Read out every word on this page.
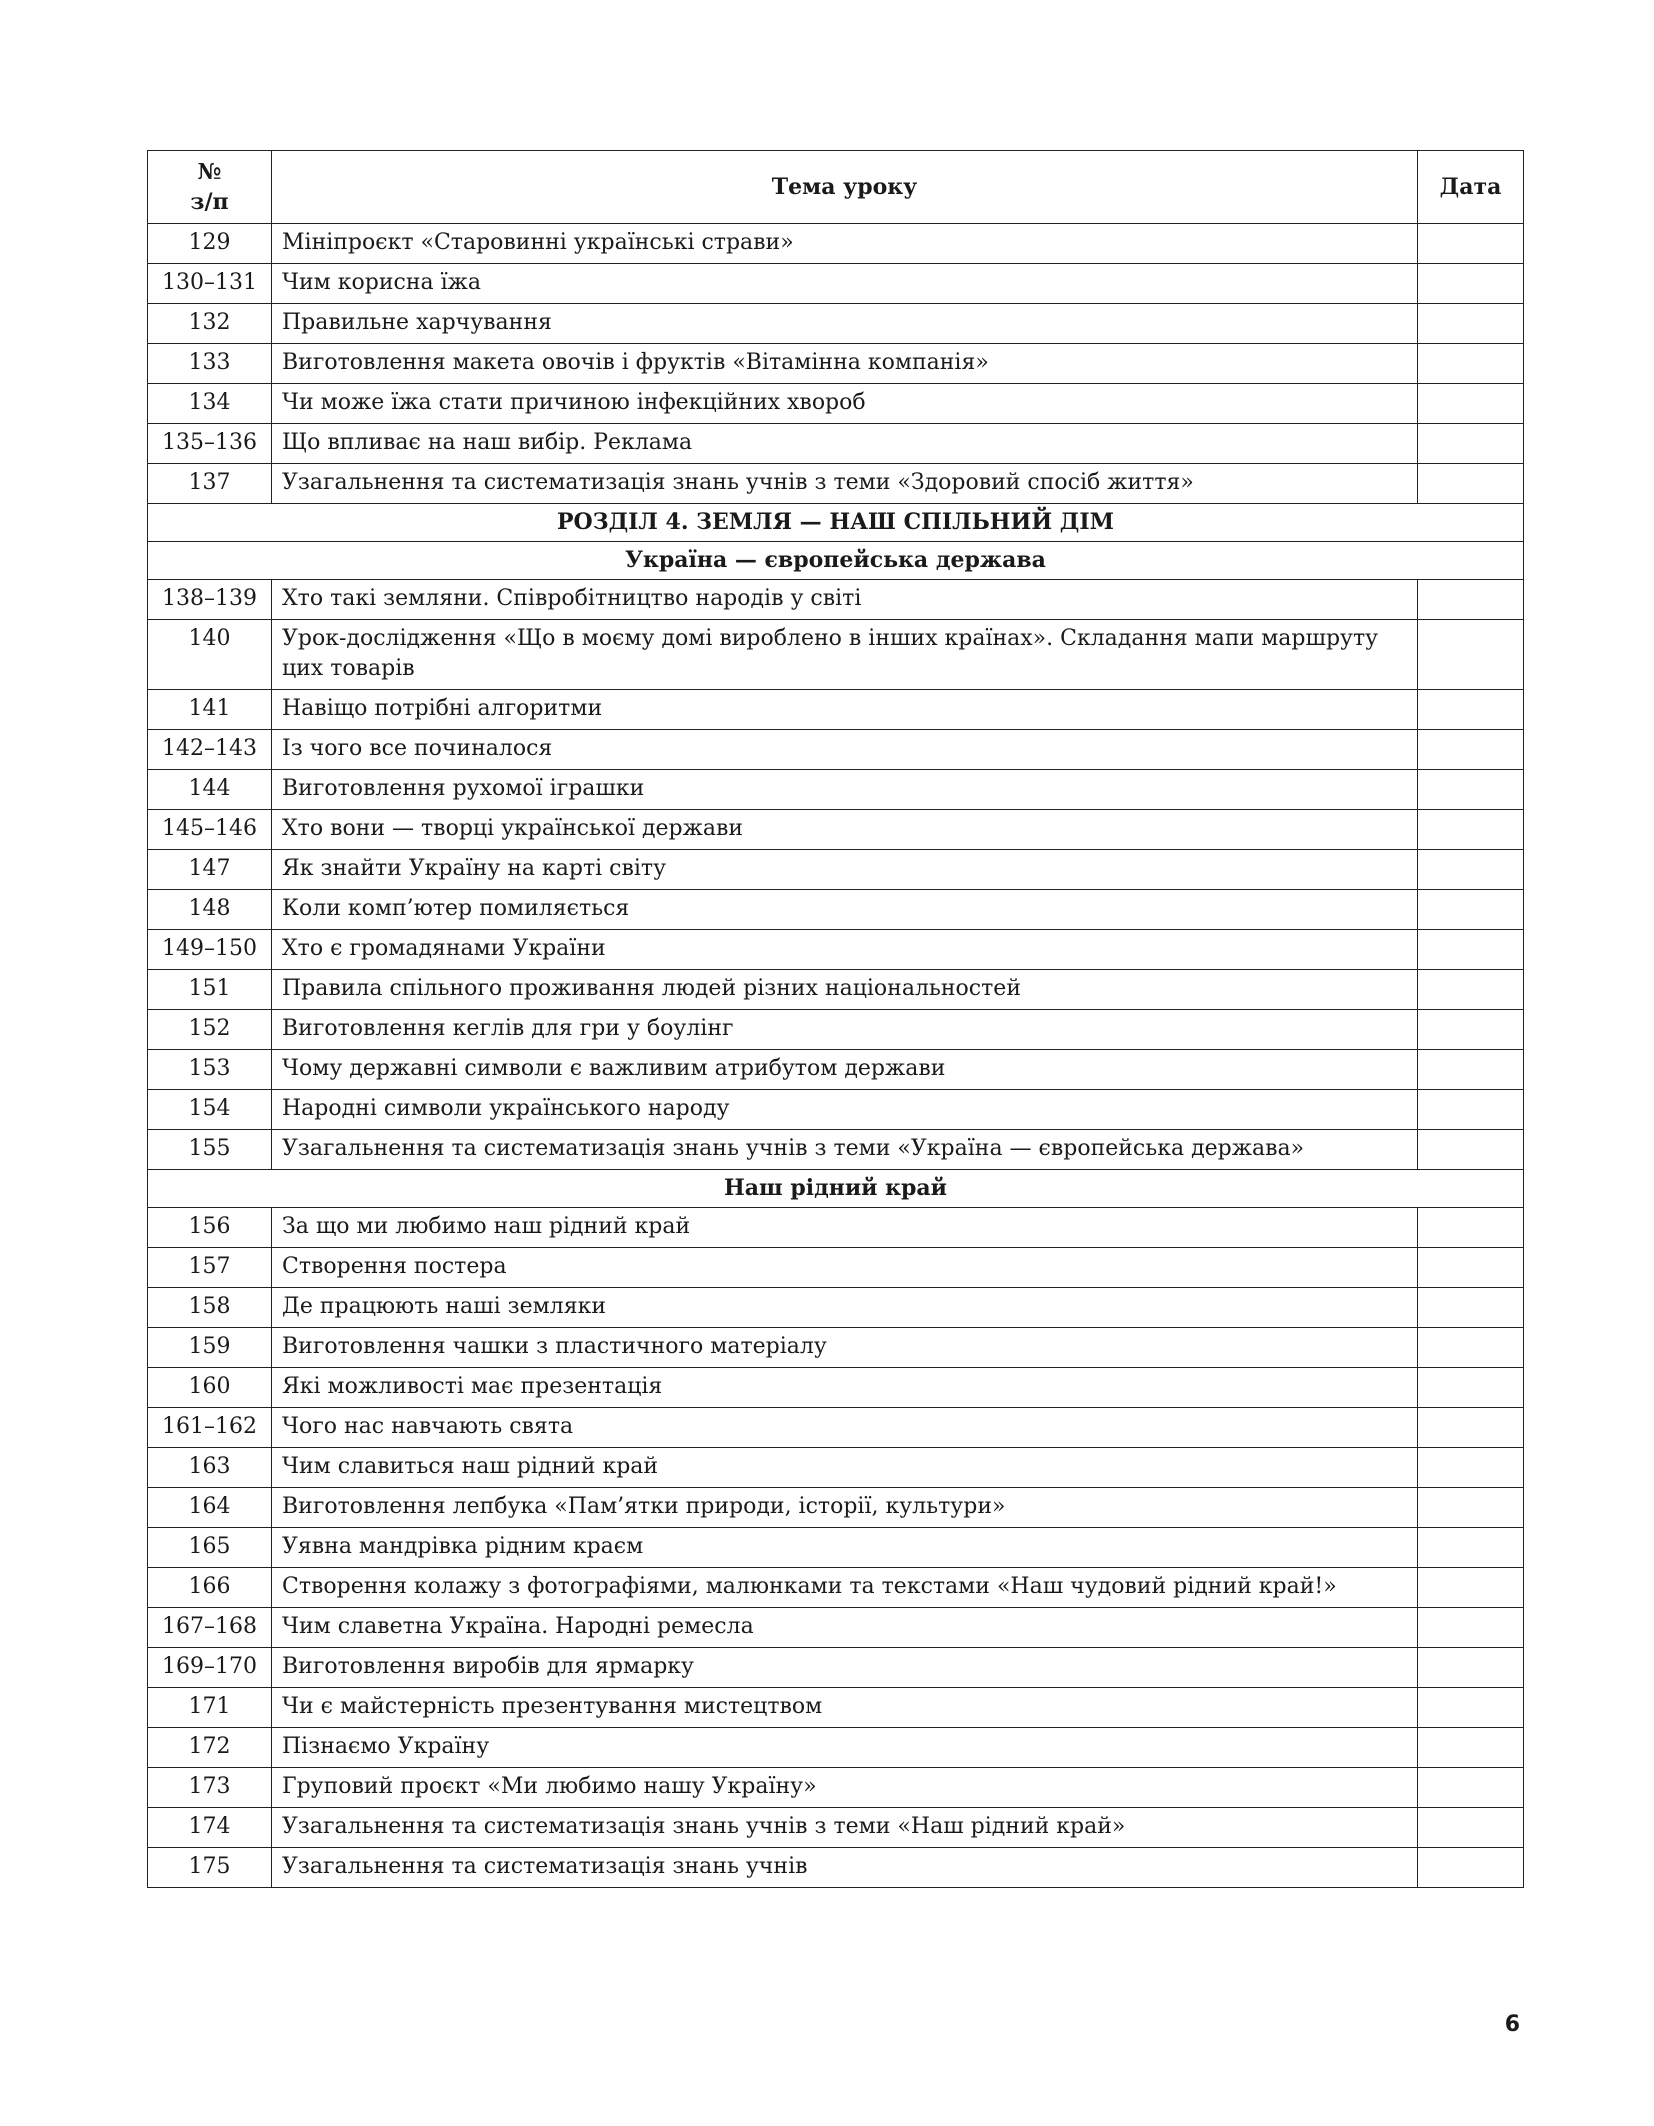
№
з/п	Тема уроку	Дата
129	Мініпроєкт «Старовинні українські страви»	
130–131	Чим корисна їжа	
132	Правильне харчування	
133	Виготовлення макета овочів і фруктів «Вітамінна компанія»	
134	Чи може їжа стати причиною інфекційних хвороб	
135–136	Що впливає на наш вибір. Реклама	
137	Узагальнення та систематизація знань учнів з теми «Здоровий спосіб життя»	
РОЗДІЛ 4. ЗЕМЛЯ — НАШ СПІЛЬНИЙ ДІМ		
Україна — європейська держава		
138–139	Хто такі земляни. Співробітництво народів у світі	
140	Урок-дослідження «Що в моєму домі вироблено в інших країнах». Складання мапи маршруту цих товарів	
141	Навіщо потрібні алгоритми	
142–143	Із чого все починалося	
144	Виготовлення рухомої іграшки	
145–146	Хто вони — творці української держави	
147	Як знайти Україну на карті світу	
148	Коли комп’ютер помиляється	
149–150	Хто є громадянами України	
151	Правила спільного проживання людей різних національностей	
152	Виготовлення кеглів для гри у боулінг	
153	Чому державні символи є важливим атрибутом держави	
154	Народні символи українського народу	
155	Узагальнення та систематизація знань учнів з теми «Україна — європейська держава»	
Наш рідний край		
156	За що ми любимо наш рідний край	
157	Створення постера	
158	Де працюють наші земляки	
159	Виготовлення чашки з пластичного матеріалу	
160	Які можливості має презентація	
161–162	Чого нас навчають свята	
163	Чим славиться наш рідний край	
164	Виготовлення лепбука «Пам’ятки природи, історії, культури»	
165	Уявна мандрівка рідним краєм	
166	Створення колажу з фотографіями, малюнками та текстами «Наш чудовий рідний край!»	
167–168	Чим славетна Україна. Народні ремесла	
169–170	Виготовлення виробів для ярмарку	
171	Чи є майстерність презентування мистецтвом	
172	Пізнаємо Україну	
173	Груповий проєкт «Ми любимо нашу Україну»	
174	Узагальнення та систематизація знань учнів з теми «Наш рідний край»	
175	Узагальнення та систематизація знань учнів	
6
